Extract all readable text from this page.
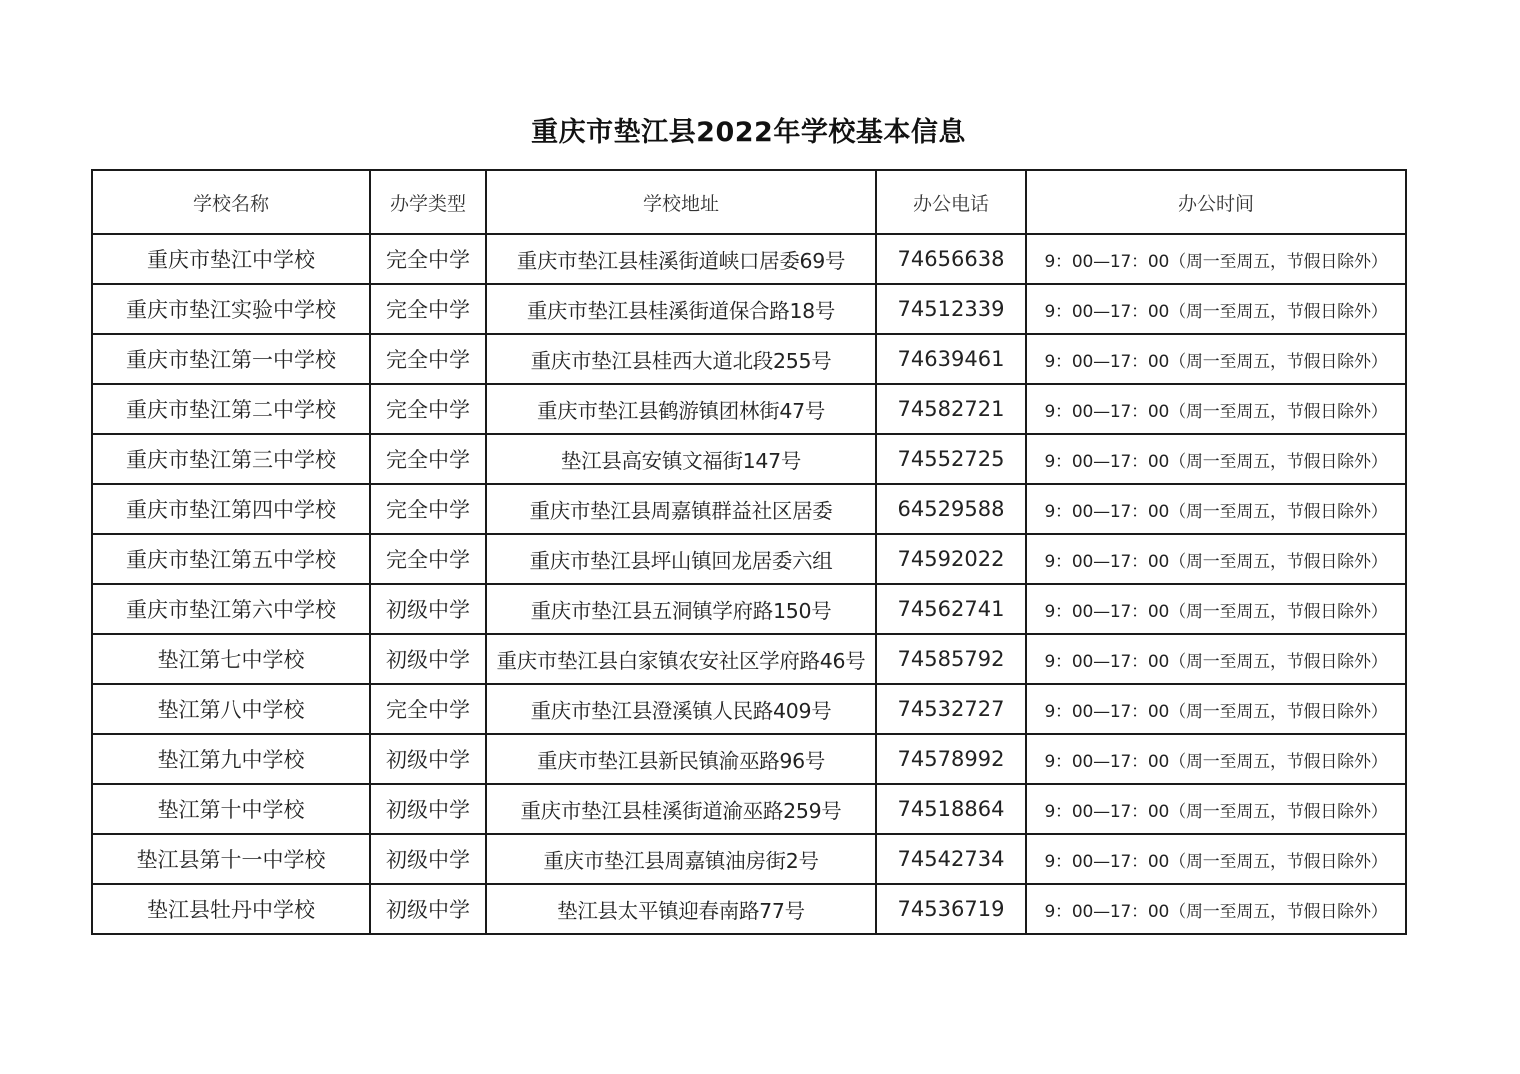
重庆市垫江县2022年学校基本信息
学校名称	办学类型	学校地址	办公电话	办公时间
重庆市垫江中学校	完全中学	重庆市垫江县桂溪街道峡口居委69号	74656638	9：00—17：00（周一至周五，节假日除外）
重庆市垫江实验中学校	完全中学	重庆市垫江县桂溪街道保合路18号	74512339	9：00—17：00（周一至周五，节假日除外）
重庆市垫江第一中学校	完全中学	重庆市垫江县桂西大道北段255号	74639461	9：00—17：00（周一至周五，节假日除外）
重庆市垫江第二中学校	完全中学	重庆市垫江县鹤游镇团林街47号	74582721	9：00—17：00（周一至周五，节假日除外）
重庆市垫江第三中学校	完全中学	垫江县高安镇文福街147号	74552725	9：00—17：00（周一至周五，节假日除外）
重庆市垫江第四中学校	完全中学	重庆市垫江县周嘉镇群益社区居委	64529588	9：00—17：00（周一至周五，节假日除外）
重庆市垫江第五中学校	完全中学	重庆市垫江县坪山镇回龙居委六组	74592022	9：00—17：00（周一至周五，节假日除外）
重庆市垫江第六中学校	初级中学	重庆市垫江县五洞镇学府路150号	74562741	9：00—17：00（周一至周五，节假日除外）
垫江第七中学校	初级中学	重庆市垫江县白家镇农安社区学府路46号	74585792	9：00—17：00（周一至周五，节假日除外）
垫江第八中学校	完全中学	重庆市垫江县澄溪镇人民路409号	74532727	9：00—17：00（周一至周五，节假日除外）
垫江第九中学校	初级中学	重庆市垫江县新民镇渝巫路96号	74578992	9：00—17：00（周一至周五，节假日除外）
垫江第十中学校	初级中学	重庆市垫江县桂溪街道渝巫路259号	74518864	9：00—17：00（周一至周五，节假日除外）
垫江县第十一中学校	初级中学	重庆市垫江县周嘉镇油房街2号	74542734	9：00—17：00（周一至周五，节假日除外）
垫江县牡丹中学校	初级中学	垫江县太平镇迎春南路77号	74536719	9：00—17：00（周一至周五，节假日除外）
